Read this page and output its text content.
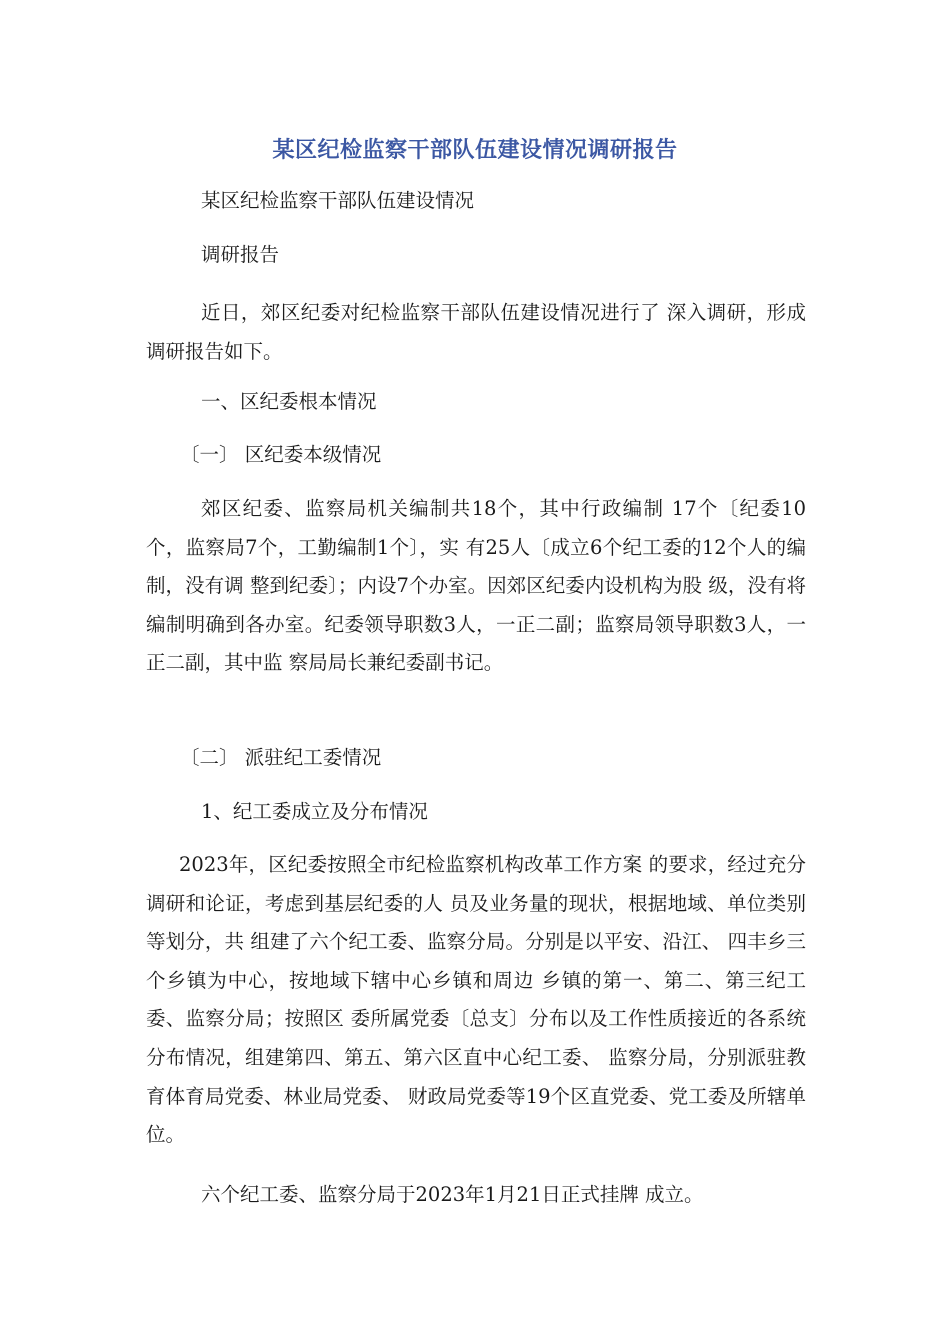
某区纪检监察干部队伍建设情况调研报告
某区纪检监察干部队伍建设情况
调研报告
近日，郊区纪委对纪检监察干部队伍建设情况进行了 深入调研，形成调研报告如下。
一、区纪委根本情况
〔一〕 区纪委本级情况
郊区纪委、监察局机关编制共18个，其中行政编制 17个〔纪委10个，监察局7个，工勤编制1个〕，实 有25人〔成立6个纪工委的12个人的编制，没有调 整到纪委〕；内设7个办室。因郊区纪委内设机构为股 级，没有将编制明确到各办室。纪委领导职数3人，一正二副；监察局领导职数3人，一正二副，其中监 察局局长兼纪委副书记。
〔二〕 派驻纪工委情况
1、纪工委成立及分布情况
2023年，区纪委按照全市纪检监察机构改革工作方案 的要求，经过充分调研和论证，考虑到基层纪委的人 员及业务量的现状，根据地域、单位类别等划分，共 组建了六个纪工委、监察分局。分别是以平安、沿江、 四丰乡三个乡镇为中心，按地域下辖中心乡镇和周边 乡镇的第一、第二、第三纪工委、监察分局；按照区 委所属党委〔总支〕分布以及工作性质接近的各系统 分布情况，组建第四、第五、第六区直中心纪工委、 监察分局，分别派驻教育体育局党委、林业局党委、 财政局党委等19个区直党委、党工委及所辖单位。
六个纪工委、监察分局于2023年1月21日正式挂牌 成立。
